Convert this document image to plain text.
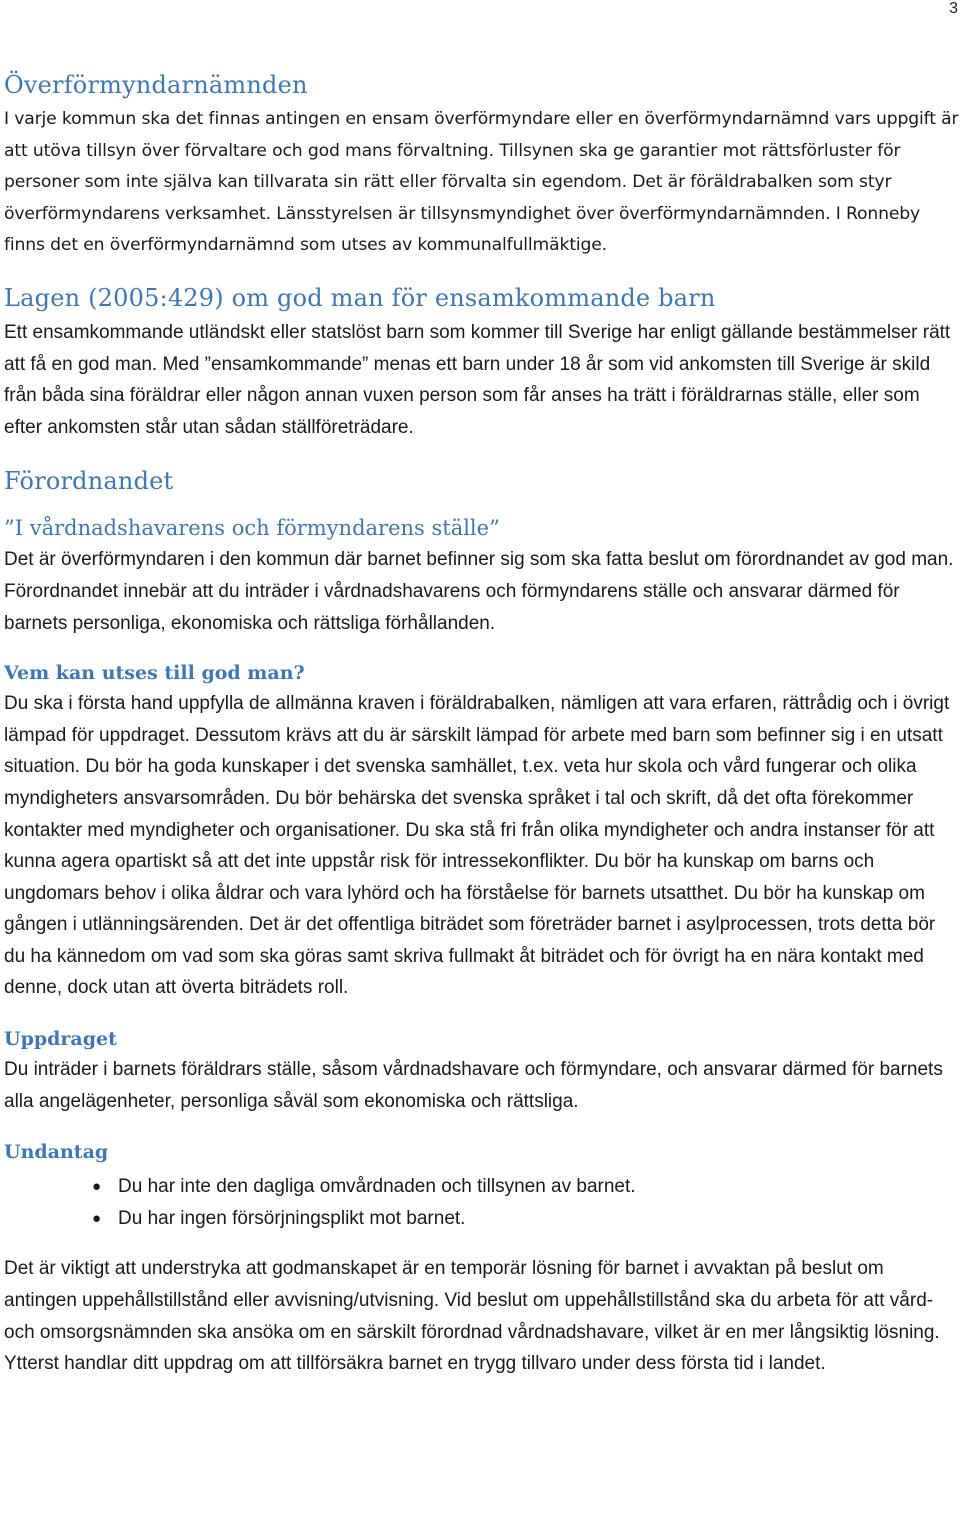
3
Överförmyndarnämnden

I varje kommun ska det finnas antingen en ensam överförmyndare eller en överförmyndarnämnd vars uppgift är att utöva tillsyn över förvaltare och god mans förvaltning. Tillsynen ska ge garantier mot rättsförluster för personer som inte själva kan tillvarata sin rätt eller förvalta sin egendom. Det är föräldrabalken som styr överförmyndarens verksamhet. Länsstyrelsen är tillsynsmyndighet över överförmyndarnämnden. I Ronneby finns det en överförmyndarnämnd som utses av kommunalfullmäktige.

Lagen (2005:429) om god man för ensamkommande barn

Ett ensamkommande utländskt eller statslöst barn som kommer till Sverige har enligt gällande bestämmelser rätt att få en god man. Med ”ensamkommande” menas ett barn under 18 år som vid ankomsten till Sverige är skild från båda sina föräldrar eller någon annan vuxen person som får anses ha trätt i föräldrarnas ställe, eller som efter ankomsten står utan sådan ställföreträdare.

Förordnandet
”I vårdnadshavarens och förmyndarens ställe”

Det är överförmyndaren i den kommun där barnet befinner sig som ska fatta beslut om förordnandet av god man. Förordnandet innebär att du inträder i vårdnadshavarens och förmyndarens ställe och ansvarar därmed för barnets personliga, ekonomiska och rättsliga förhållanden.

Vem kan utses till god man?

Du ska i första hand uppfylla de allmänna kraven i föräldrabalken, nämligen att vara erfaren, rättrådig och i övrigt lämpad för uppdraget. Dessutom krävs att du är särskilt lämpad för arbete med barn som befinner sig i en utsatt situation. Du bör ha goda kunskaper i det svenska samhället, t.ex. veta hur skola och vård fungerar och olika myndigheters ansvarsområden. Du bör behärska det svenska språket i tal och skrift, då det ofta förekommer kontakter med myndigheter och organisationer. Du ska stå fri från olika myndigheter och andra instanser för att kunna agera opartiskt så att det inte uppstår risk för intressekonflikter. Du bör ha kunskap om barns och ungdomars behov i olika åldrar och vara lyhörd och ha förståelse för barnets utsatthet. Du bör ha kunskap om gången i utlänningsärenden. Det är det offentliga biträdet som företräder barnet i asylprocessen, trots detta bör du ha kännedom om vad som ska göras samt skriva fullmakt åt biträdet och för övrigt ha en nära kontakt med denne, dock utan att överta biträdets roll.

Uppdraget

Du inträder i barnets föräldrars ställe, såsom vårdnadshavare och förmyndare, och ansvarar därmed för barnets alla angelägenheter, personliga såväl som ekonomiska och rättsliga.

Undantag
● Du har inte den dagliga omvårdnaden och tillsynen av barnet.
● Du har ingen försörjningsplikt mot barnet.

Det är viktigt att understryka att godmanskapet är en temporär lösning för barnet i avvaktan på beslut om antingen uppehållstillstånd eller avvisning/utvisning. Vid beslut om uppehållstillstånd ska du arbeta för att vård- och omsorgsnämnden ska ansöka om en särskilt förordnad vårdnadshavare, vilket är en mer långsiktig lösning. Ytterst handlar ditt uppdrag om att tillförsäkra barnet en trygg tillvaro under dess första tid i landet.
